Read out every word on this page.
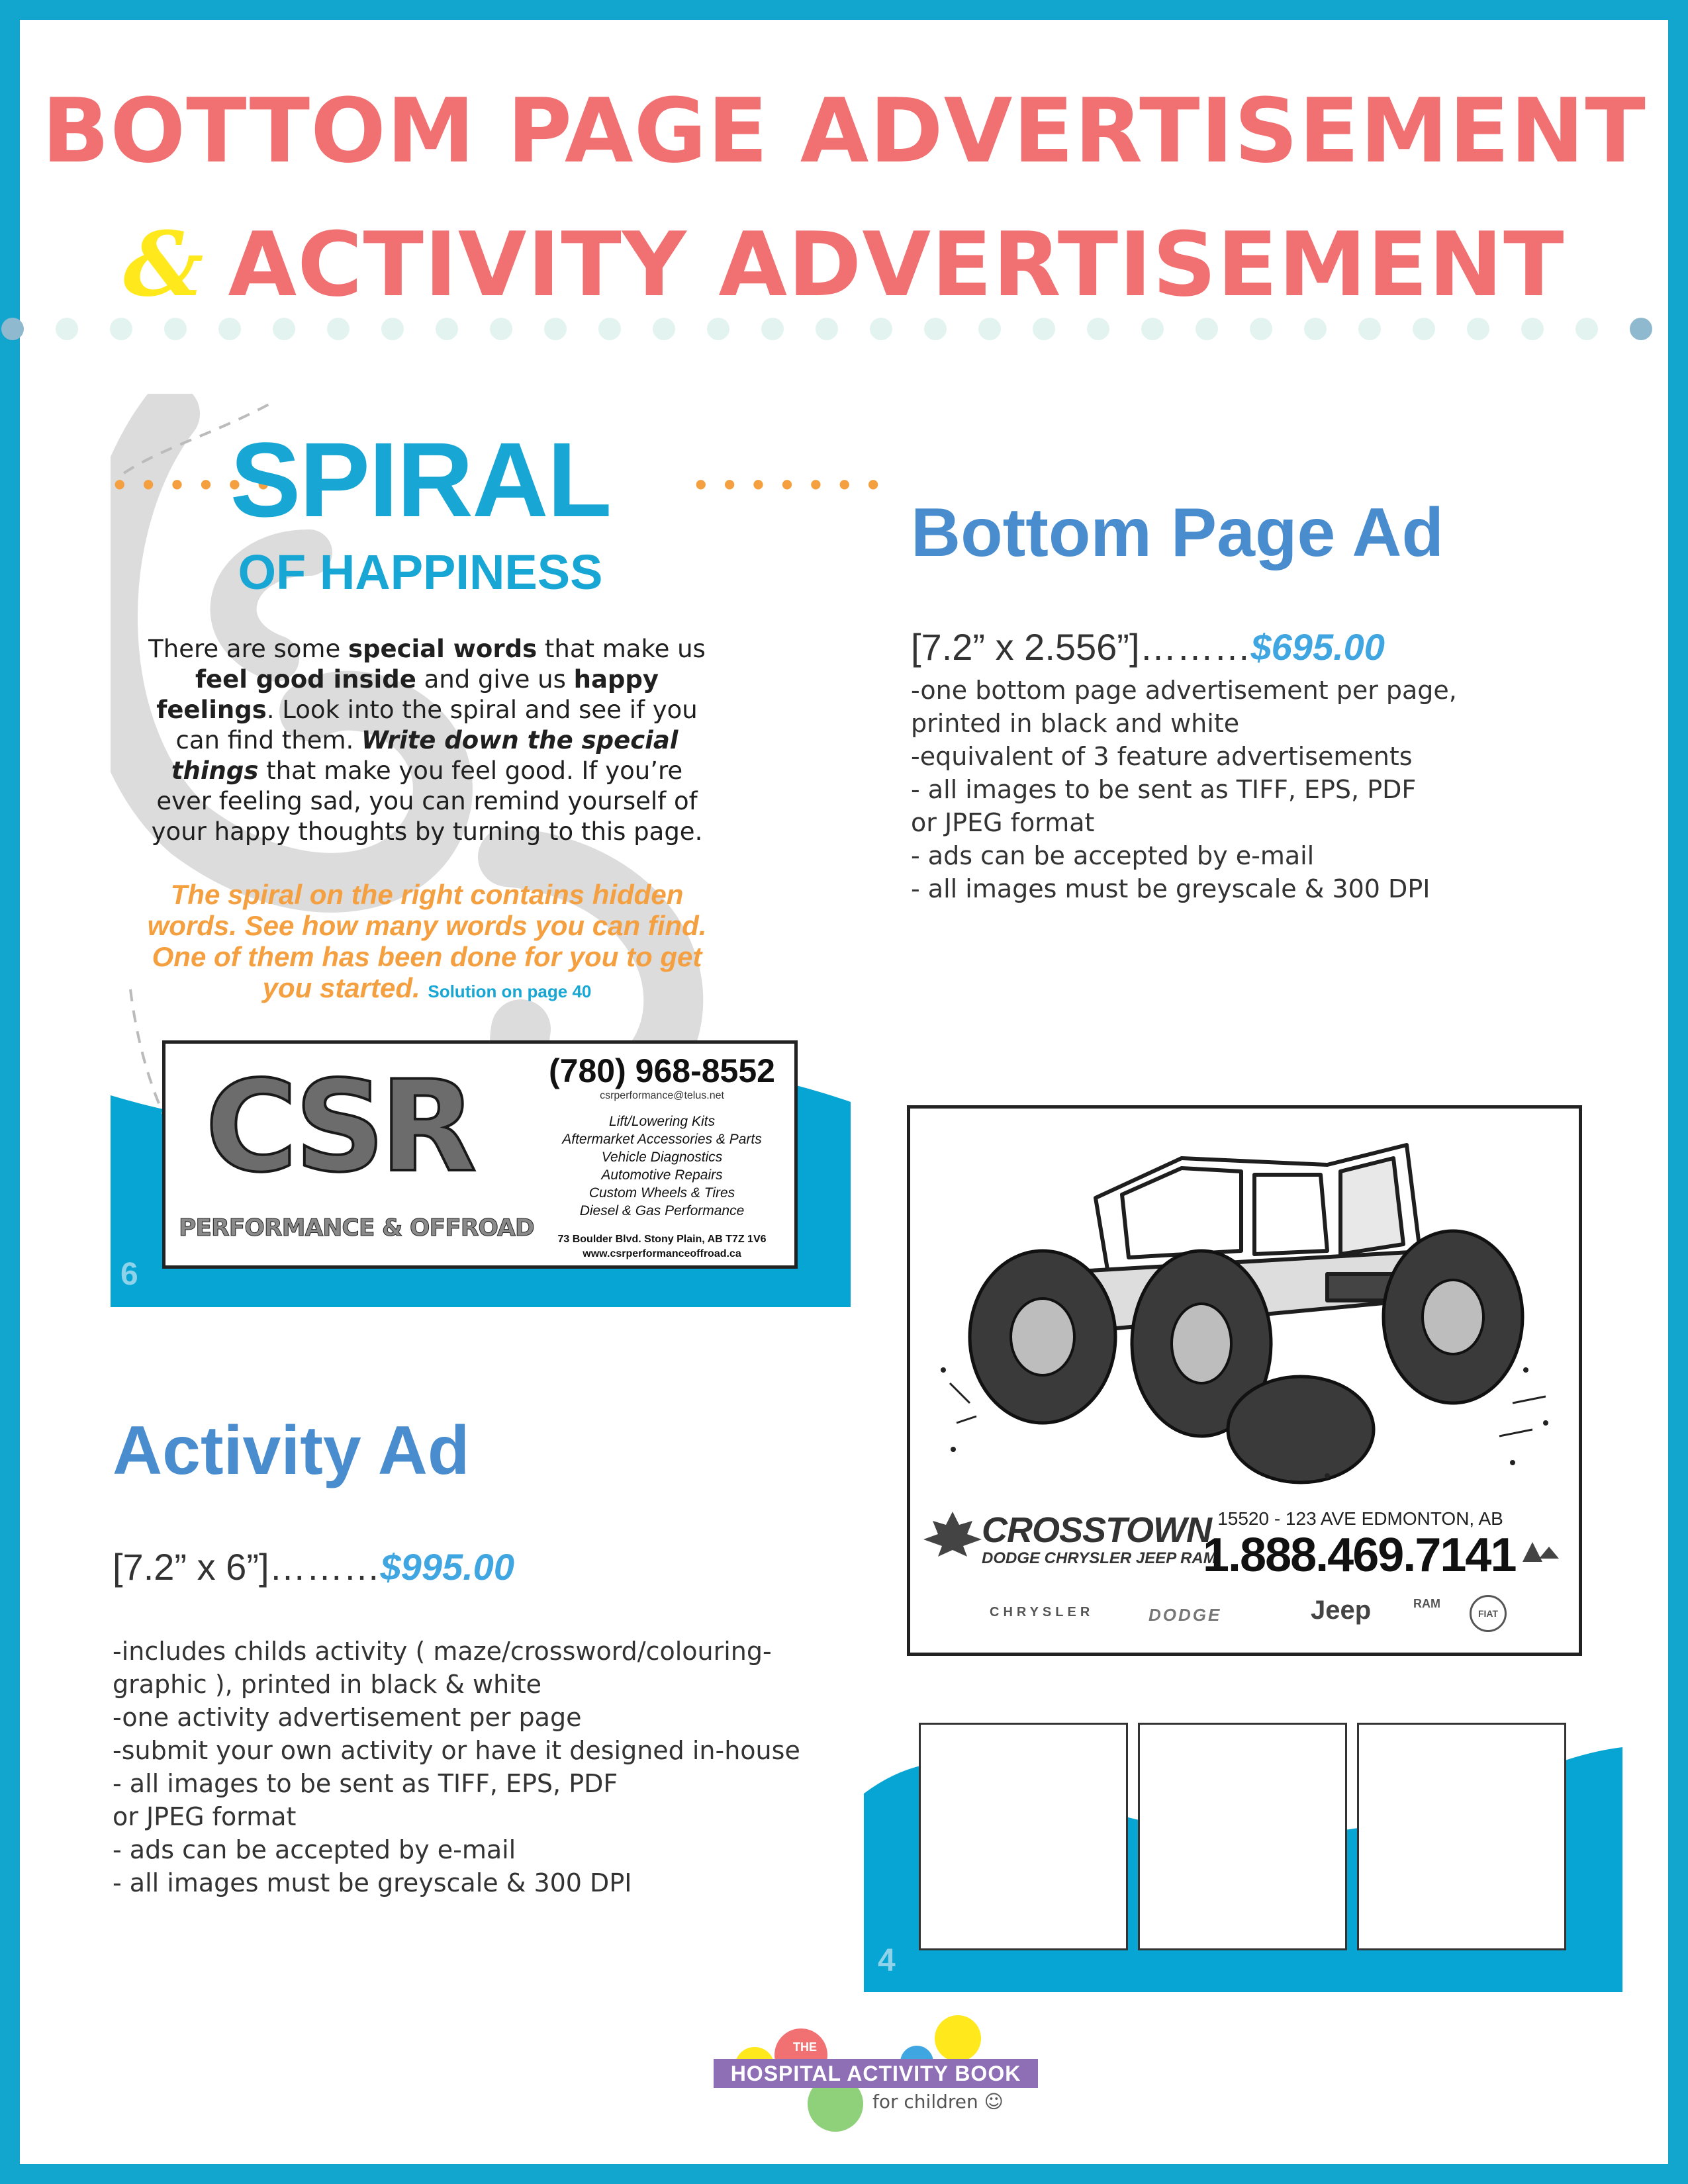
BOTTOM PAGE ADVERTISEMENT
& ACTIVITY ADVERTISEMENT
• • • • • •	• • • • • • •
SPIRAL
OF HAPPINESS
There are some special words that make us feel good inside and give us happy feelings. Look into the spiral and see if you can find them. Write down the special things that make you feel good. If you’re ever feeling sad, you can remind yourself of your happy thoughts by turning to this page.
The spiral on the right contains hidden words. See how many words you can find. One of them has been done for you to get you started. Solution on page 40
6
CSR
PERFORMANCE & OFFROAD
(780) 968-8552
csrperformance@telus.net
Lift/Lowering Kits
Aftermarket Accessories & Parts
Vehicle Diagnostics
Automotive Repairs
Custom Wheels & Tires
Diesel & Gas Performance
73 Boulder Blvd. Stony Plain, AB T7Z 1V6
www.csrperformanceoffroad.ca
Bottom Page Ad
[7.2” x 2.556”]………$695.00
-one bottom page advertisement per page,
printed in black and white
-equivalent of 3 feature advertisements
- all images to be sent as TIFF, EPS, PDF
or JPEG format
- ads can be accepted by e-mail
- all images must be greyscale & 300 DPI
CROSSTOWN
DODGE CHRYSLER JEEP RAM
15520 - 123 AVE EDMONTON, AB
1.888.469.7141
CHRYSLER	DODGE	Jeep	RAM
FIAT
4
Activity Ad
[7.2” x 6”]………$995.00
-includes childs activity ( maze/crossword/colouring-
graphic ), printed in black & white
-one activity advertisement per page
-submit your own activity or have it designed in-house
- all images to be sent as TIFF, EPS, PDF
or JPEG format
- ads can be accepted by e-mail
- all images must be greyscale & 300 DPI
HOSPITAL ACTIVITY BOOK
THE
for children ☺
